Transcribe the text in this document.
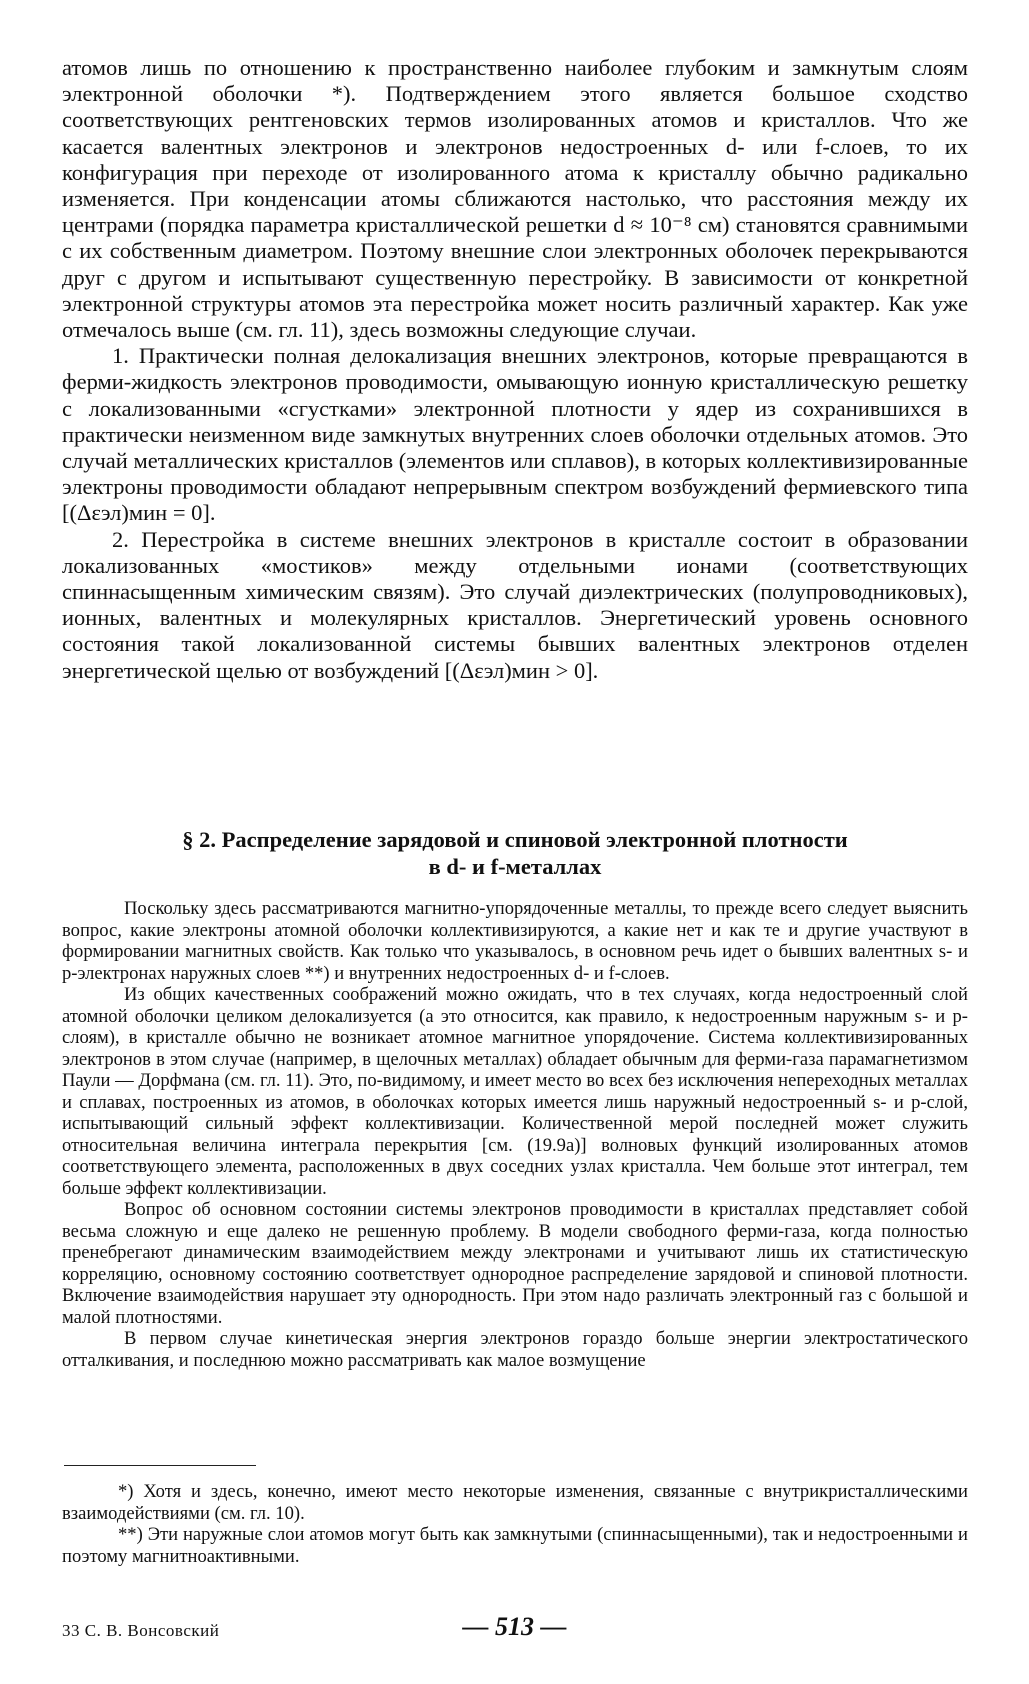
атомов лишь по отношению к пространственно наиболее глубоким и замкнутым слоям электронной оболочки *). Подтверждением этого является большое сходство соответствующих рентгеновских термов изолированных атомов и кристаллов. Что же касается валентных электронов и электронов недостроенных d- или f-слоев, то их конфигурация при переходе от изолированного атома к кристаллу обычно радикально изменяется. При конденсации атомы сближаются настолько, что расстояния между их центрами (порядка параметра кристаллической решетки d ≈ 10⁻⁸ см) становятся сравнимыми с их собственным диаметром. Поэтому внешние слои электронных оболочек перекрываются друг с другом и испытывают существенную перестройку. В зависимости от конкретной электронной структуры атомов эта перестройка может носить различный характер. Как уже отмечалось выше (см. гл. 11), здесь возможны следующие случаи.

1. Практически полная делокализация внешних электронов, которые превращаются в ферми-жидкость электронов проводимости, омывающую ионную кристаллическую решетку с локализованными «сгустками» электронной плотности у ядер из сохранившихся в практически неизменном виде замкнутых внутренних слоев оболочки отдельных атомов. Это случай металлических кристаллов (элементов или сплавов), в которых коллективизированные электроны проводимости обладают непрерывным спектром возбуждений фермиевского типа [(Δεэл)мин = 0].

2. Перестройка в системе внешних электронов в кристалле состоит в образовании локализованных «мостиков» между отдельными ионами (соответствующих спиннасыщенным химическим связям). Это случай диэлектрических (полупроводниковых), ионных, валентных и молекулярных кристаллов. Энергетический уровень основного состояния такой локализованной системы бывших валентных электронов отделен энергетической щелью от возбуждений [(Δεэл)мин > 0].

§ 2. Распределение зарядовой и спиновой электронной плотности
в d- и f-металлах

Поскольку здесь рассматриваются магнитно-упорядоченные металлы, то прежде всего следует выяснить вопрос, какие электроны атомной оболочки коллективизируются, а какие нет и как те и другие участвуют в формировании магнитных свойств. Как только что указывалось, в основном речь идет о бывших валентных s- и p-электронах наружных слоев **) и внутренних недостроенных d- и f-слоев.

Из общих качественных соображений можно ожидать, что в тех случаях, когда недостроенный слой атомной оболочки целиком делокализуется (а это относится, как правило, к недостроенным наружным s- и p-слоям), в кристалле обычно не возникает атомное магнитное упорядочение. Система коллективизированных электронов в этом случае (например, в щелочных металлах) обладает обычным для ферми-газа парамагнетизмом Паули — Дорфмана (см. гл. 11). Это, по-видимому, и имеет место во всех без исключения непереходных металлах и сплавах, построенных из атомов, в оболочках которых имеется лишь наружный недостроенный s- и p-слой, испытывающий сильный эффект коллективизации. Количественной мерой последней может служить относительная величина интеграла перекрытия [см. (19.9а)] волновых функций изолированных атомов соответствующего элемента, расположенных в двух соседних узлах кристалла. Чем больше этот интеграл, тем больше эффект коллективизации.

Вопрос об основном состоянии системы электронов проводимости в кристаллах представляет собой весьма сложную и еще далеко не решенную проблему. В модели свободного ферми-газа, когда полностью пренебрегают динамическим взаимодействием между электронами и учитывают лишь их статистическую корреляцию, основному состоянию соответствует однородное распределение зарядовой и спиновой плотности. Включение взаимодействия нарушает эту однородность. При этом надо различать электронный газ с большой и малой плотностями.

В первом случае кинетическая энергия электронов гораздо больше энергии электростатического отталкивания, и последнюю можно рассматривать как малое возмущение

*) Хотя и здесь, конечно, имеют место некоторые изменения, связанные с внутрикристаллическими взаимодействиями (см. гл. 10).

**) Эти наружные слои атомов могут быть как замкнутыми (спиннасыщенными), так и недостроенными и поэтому магнитноактивными.

33 С. В. Вонсовский	— 513 —
